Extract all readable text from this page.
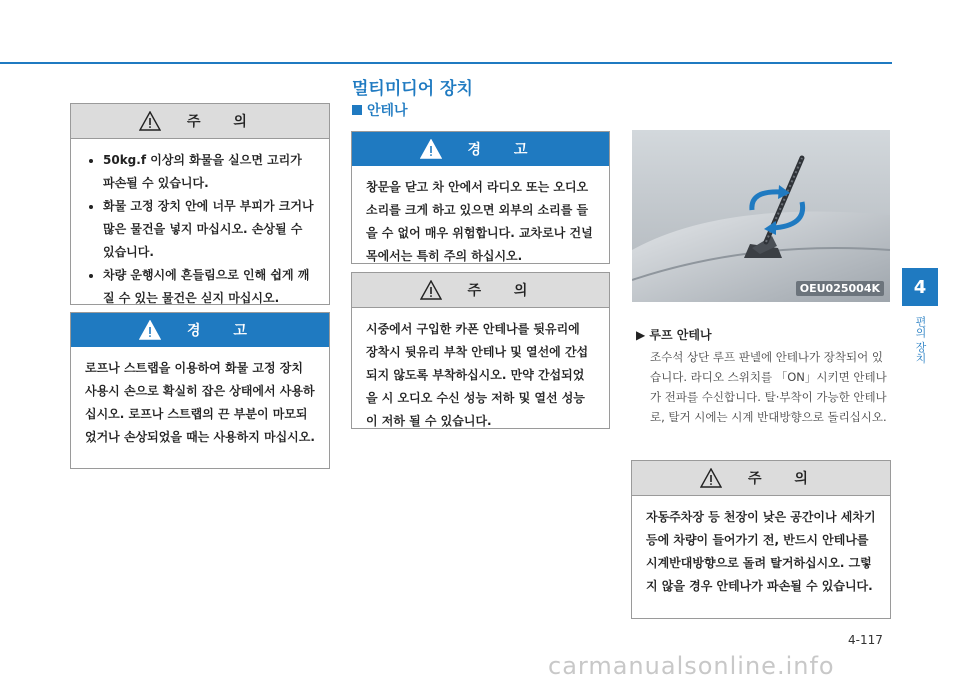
멀티미디어 장치
안테나
주 의
• 50kg.f 이상의 화물을 실으면 고리가 파손될 수 있습니다.
• 화물 고정 장치 안에 너무 부피가 크거나 많은 물건을 넣지 마십시오. 손상될 수 있습니다.
• 차량 운행시에 흔들림으로 인해 쉽게 깨질 수 있는 물건은 싣지 마십시오.
경 고

로프나 스트랩을 이용하여 화물 고정 장치 사용시 손으로 확실히 잡은 상태에서 사용하십시오. 로프나 스트랩의 끈 부분이 마모되었거나 손상되었을 때는 사용하지 마십시오.

경 고

창문을 닫고 차 안에서 라디오 또는 오디오 소리를 크게 하고 있으면 외부의 소리를 들을 수 없어 매우 위험합니다. 교차로나 건널목에서는 특히 주의 하십시오.

주 의

시중에서 구입한 카폰 안테나를 뒷유리에 장착시 뒷유리 부착 안테나 및 열선에 간섭되지 않도록 부착하십시오. 만약 간섭되었을 시 오디오 수신 성능 저하 및 열선 성능이 저하 될 수 있습니다.

OEU025004K
▶ 루프 안테나
조수석 상단 루프 판넬에 안테나가 장착되어 있습니다. 라디오 스위치를 「ON」시키면 안테나가 전파를 수신합니다. 탈·부착이 가능한 안테나로, 탈거 시에는 시계 반대방향으로 돌리십시오.
주 의

자동주차장 등 천장이 낮은 공간이나 세차기 등에 차량이 들어가기 전, 반드시 안테나를 시계반대방향으로 돌려 탈거하십시오. 그렇지 않을 경우 안테나가 파손될 수 있습니다.

4
편의 장치
4-117
carmanualsonline.info
